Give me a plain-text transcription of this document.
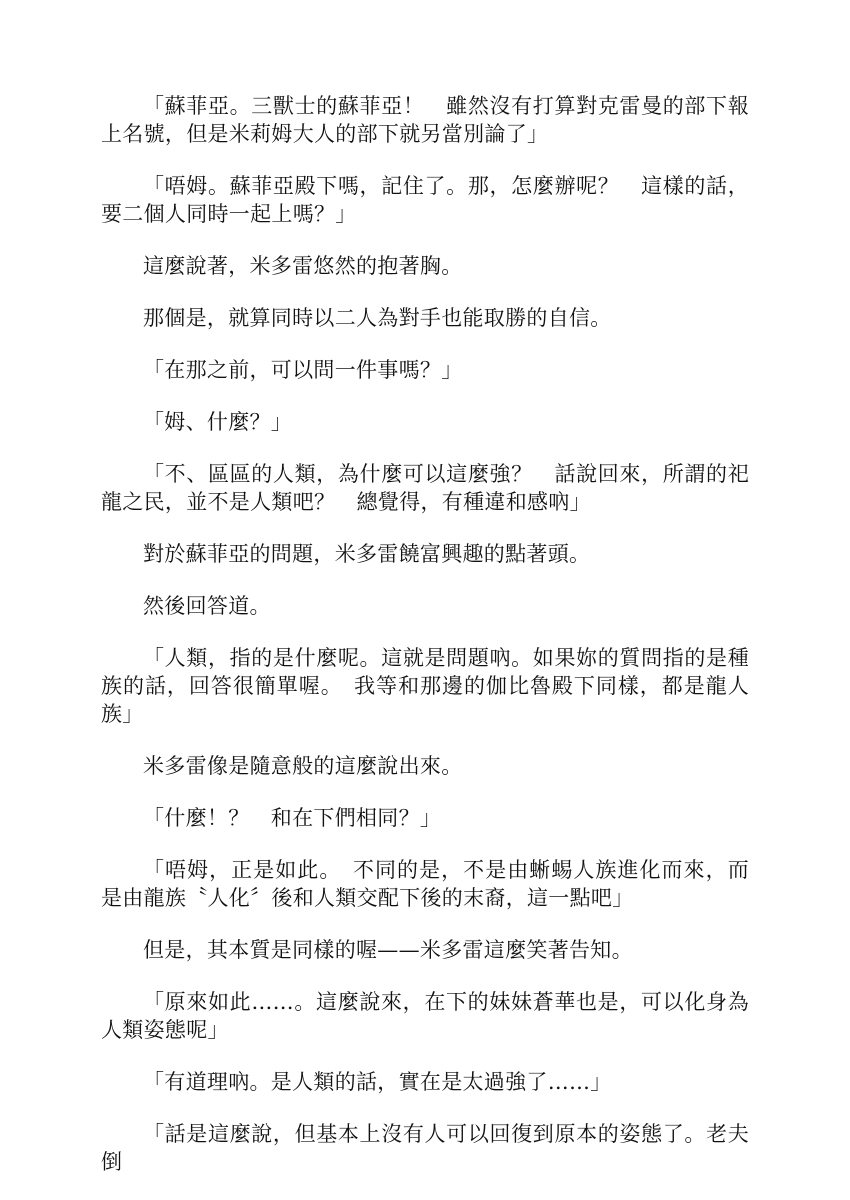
「蘇菲亞。三獸士的蘇菲亞！　雖然沒有打算對克雷曼的部下報上名號，但是米莉姆大人的部下就另當別論了」

「唔姆。蘇菲亞殿下嗎，記住了。那，怎麼辦呢？　這樣的話，要二個人同時一起上嗎？」

這麼說著，米多雷悠然的抱著胸。

那個是，就算同時以二人為對手也能取勝的自信。

「在那之前，可以問一件事嗎？」

「姆、什麼？」

「不、區區的人類，為什麼可以這麼強？　話說回來，所謂的祀龍之民，並不是人類吧？　總覺得，有種違和感吶」

對於蘇菲亞的問題，米多雷饒富興趣的點著頭。

然後回答道。

「人類，指的是什麼呢。這就是問題吶。如果妳的質問指的是種族的話，回答很簡單喔。　我等和那邊的伽比魯殿下同樣，都是龍人族」

米多雷像是隨意般的這麼說出來。

「什麼！？　和在下們相同？」

「唔姆，正是如此。　不同的是，不是由蜥蜴人族進化而來，而是由龍族〝人化〞後和人類交配下後的末裔，這一點吧」

但是，其本質是同樣的喔——米多雷這麼笑著告知。

「原來如此……。這麼說來，在下的妹妹蒼華也是，可以化身為人類姿態呢」

「有道理吶。是人類的話，實在是太過強了……」

「話是這麼說，但基本上沒有人可以回復到原本的姿態了。老夫倒
